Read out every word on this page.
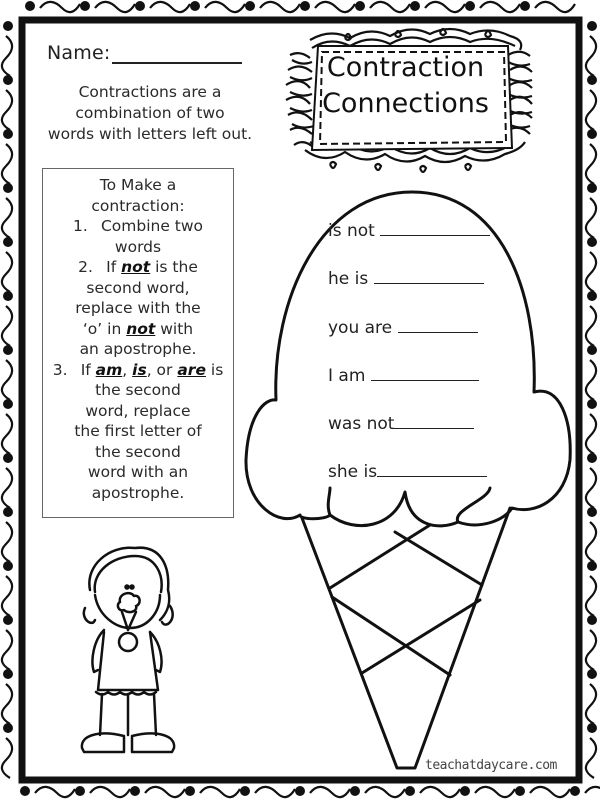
Name:
Contractions are a
combination of two
words with letters left out.
Contraction
Connections
To Make a
contraction:
1. Combine two
words
2. If not is the
second word,
replace with the
‘o’ in not with
an apostrophe.
3. If am, is, or are is
the second
word, replace
the first letter of
the second
word with an
apostrophe.
is not
he is
you are
I am
was not
she is
teachatdaycare.com
